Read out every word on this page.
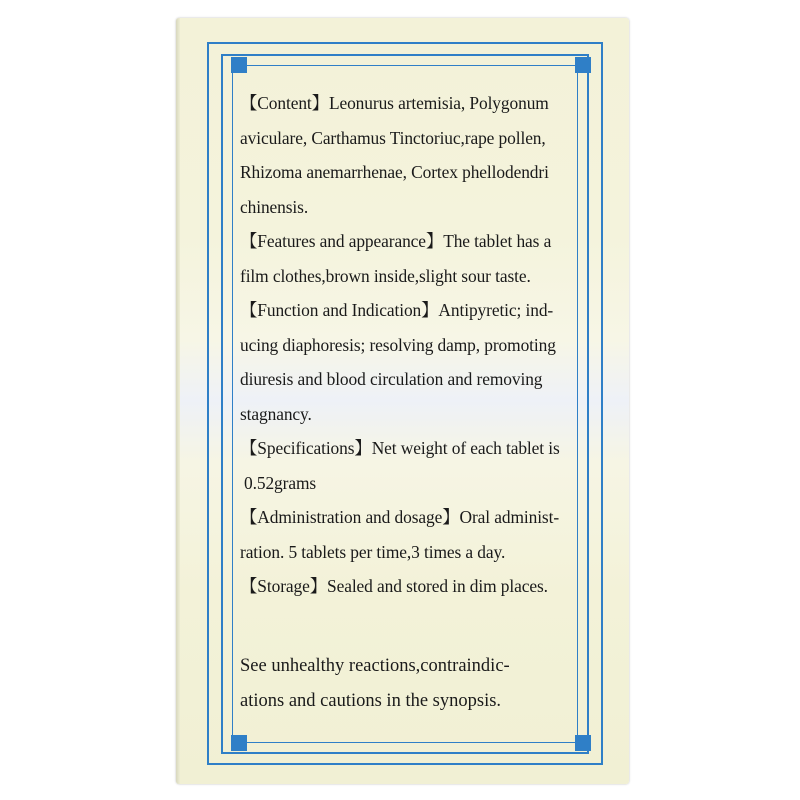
【Content】Leonurus artemisia, Polygonum
aviculare, Carthamus Tinctoriuc,rape pollen,
Rhizoma anemarrhenae, Cortex phellodendri
chinensis.
【Features and appearance】The tablet has a
film clothes,brown inside,slight sour taste.
【Function and Indication】Antipyretic; ind-
ucing diaphoresis; resolving damp, promoting
diuresis and blood circulation and removing
stagnancy.
【Specifications】Net weight of each tablet is
0.52grams
【Administration and dosage】Oral administ-
ration. 5 tablets per time,3 times a day.
【Storage】Sealed and stored in dim places.
See unhealthy reactions,contraindic-
ations and cautions in the synopsis.
